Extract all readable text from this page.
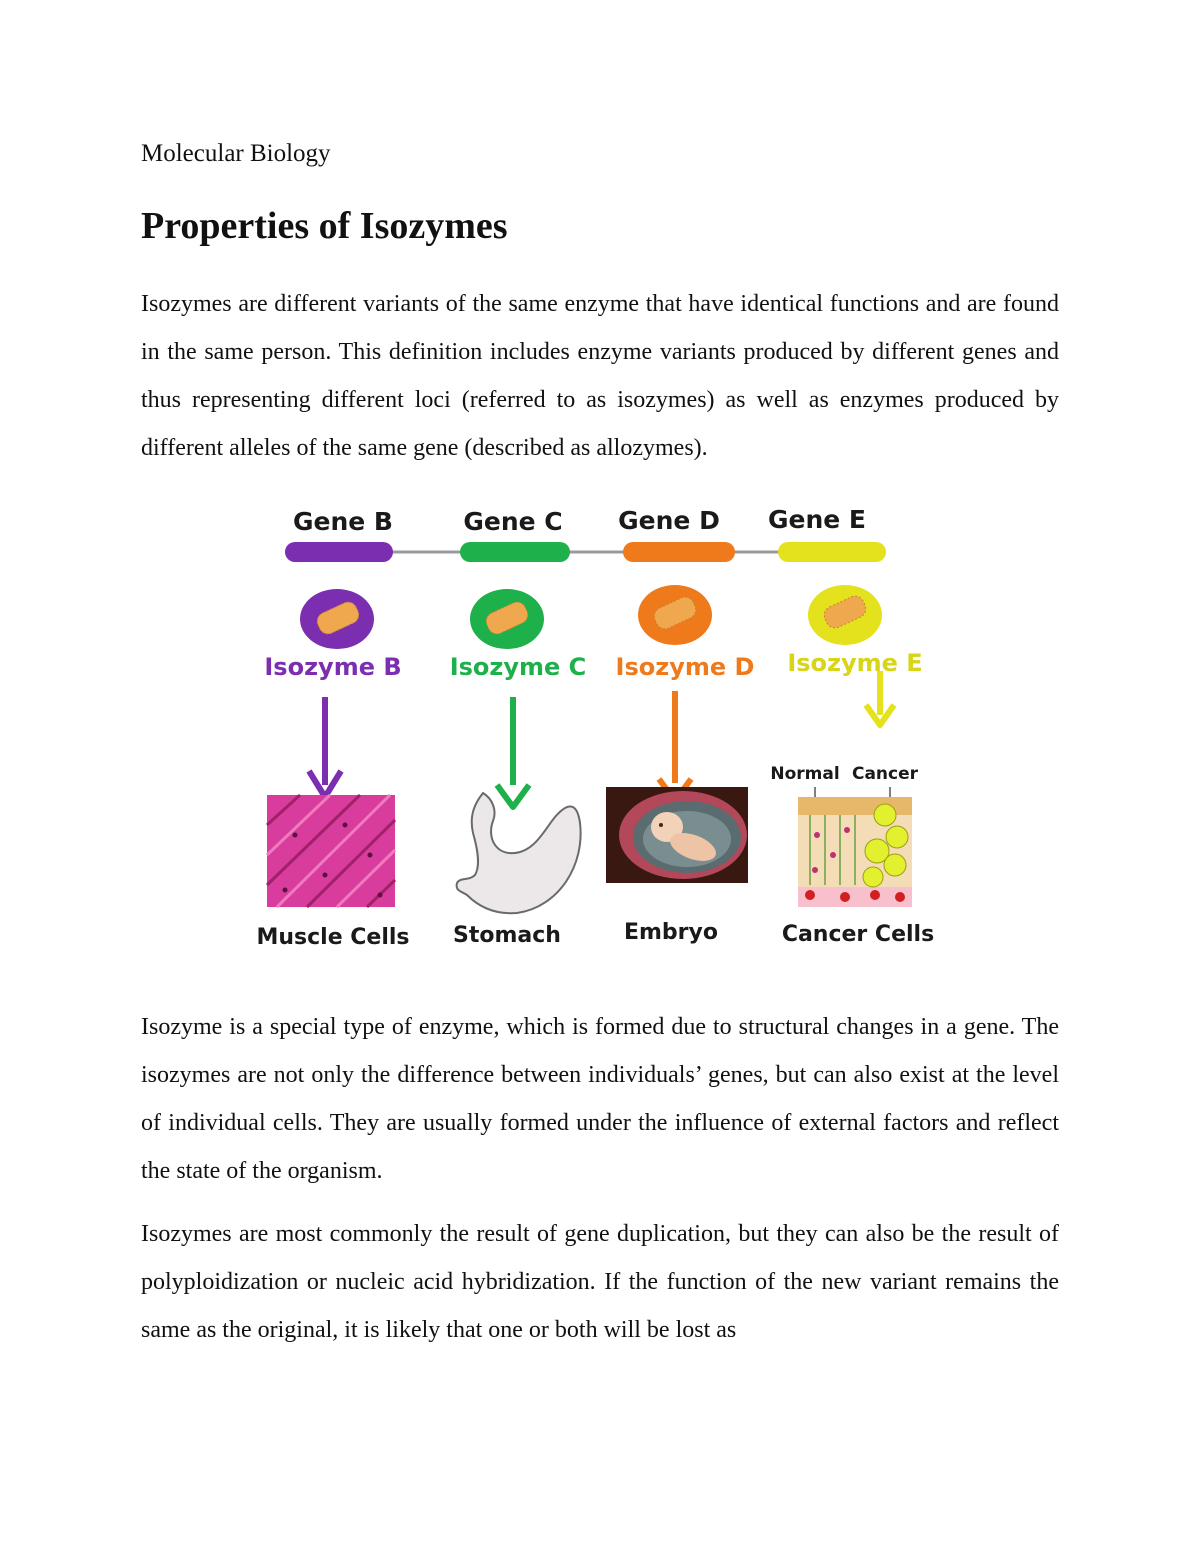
Molecular Biology
Properties of Isozymes

Isozymes are different variants of the same enzyme that have identical functions and are found in the same person. This definition includes enzyme variants produced by different genes and thus representing different loci (referred to as isozymes) as well as enzymes produced by different alleles of the same gene (described as allozymes).

Gene B
Isozyme B
Muscle Cells
Gene C
Isozyme C
Stomach
Gene D
Isozyme D
Embryo
Gene E
Isozyme E
Normal Cancer
Cancer Cells

Isozyme is a special type of enzyme, which is formed due to structural changes in a gene. The isozymes are not only the difference between individuals’ genes, but can also exist at the level of individual cells. They are usually formed under the influence of external factors and reflect the state of the organism.

Isozymes are most commonly the result of gene duplication, but they can also be the result of polyploidization or nucleic acid hybridization. If the function of the new variant remains the same as the original, it is likely that one or both will be lost as
